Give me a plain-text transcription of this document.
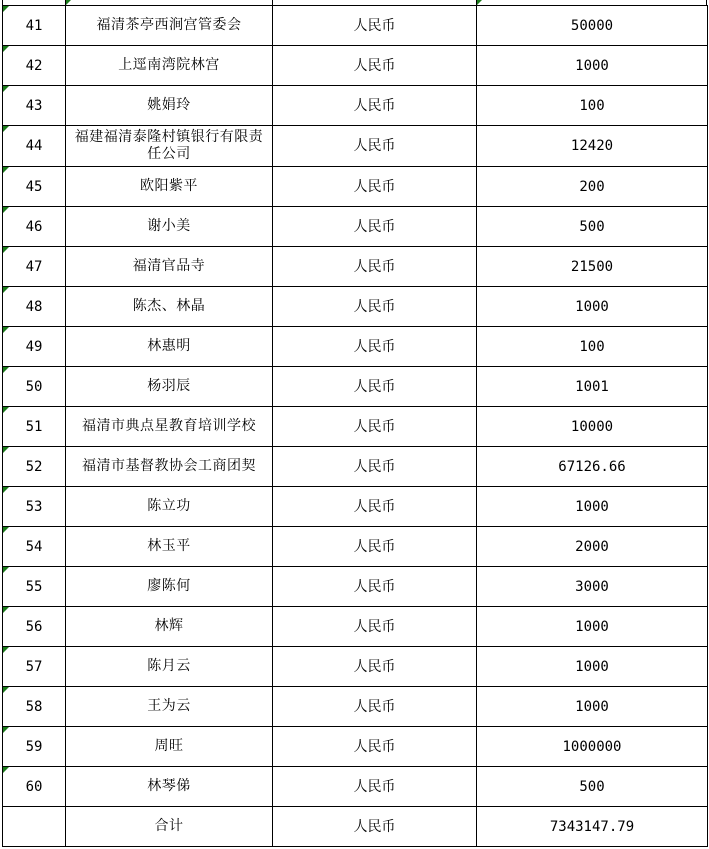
41	福清茶亭西涧宫管委会	人民币	50000

42	上逕南湾院林宫	人民币	1000

43	姚娟玲	人民币	100

44	福建福清泰隆村镇银行有限责任公司	人民币	12420

45	欧阳紫平	人民币	200

46	谢小美	人民币	500

47	福清官品寺	人民币	21500

48	陈杰、林晶	人民币	1000

49	林惠明	人民币	100

50	杨羽辰	人民币	1001

51	福清市典点星教育培训学校	人民币	10000

52	福清市基督教协会工商团契	人民币	67126.66

53	陈立功	人民币	1000

54	林玉平	人民币	2000

55	廖陈何	人民币	3000

56	林辉	人民币	1000

57	陈月云	人民币	1000

58	王为云	人民币	1000

59	周旺	人民币	1000000

60	林琴俤	人民币	500

	合计	人民币	7343147.79
